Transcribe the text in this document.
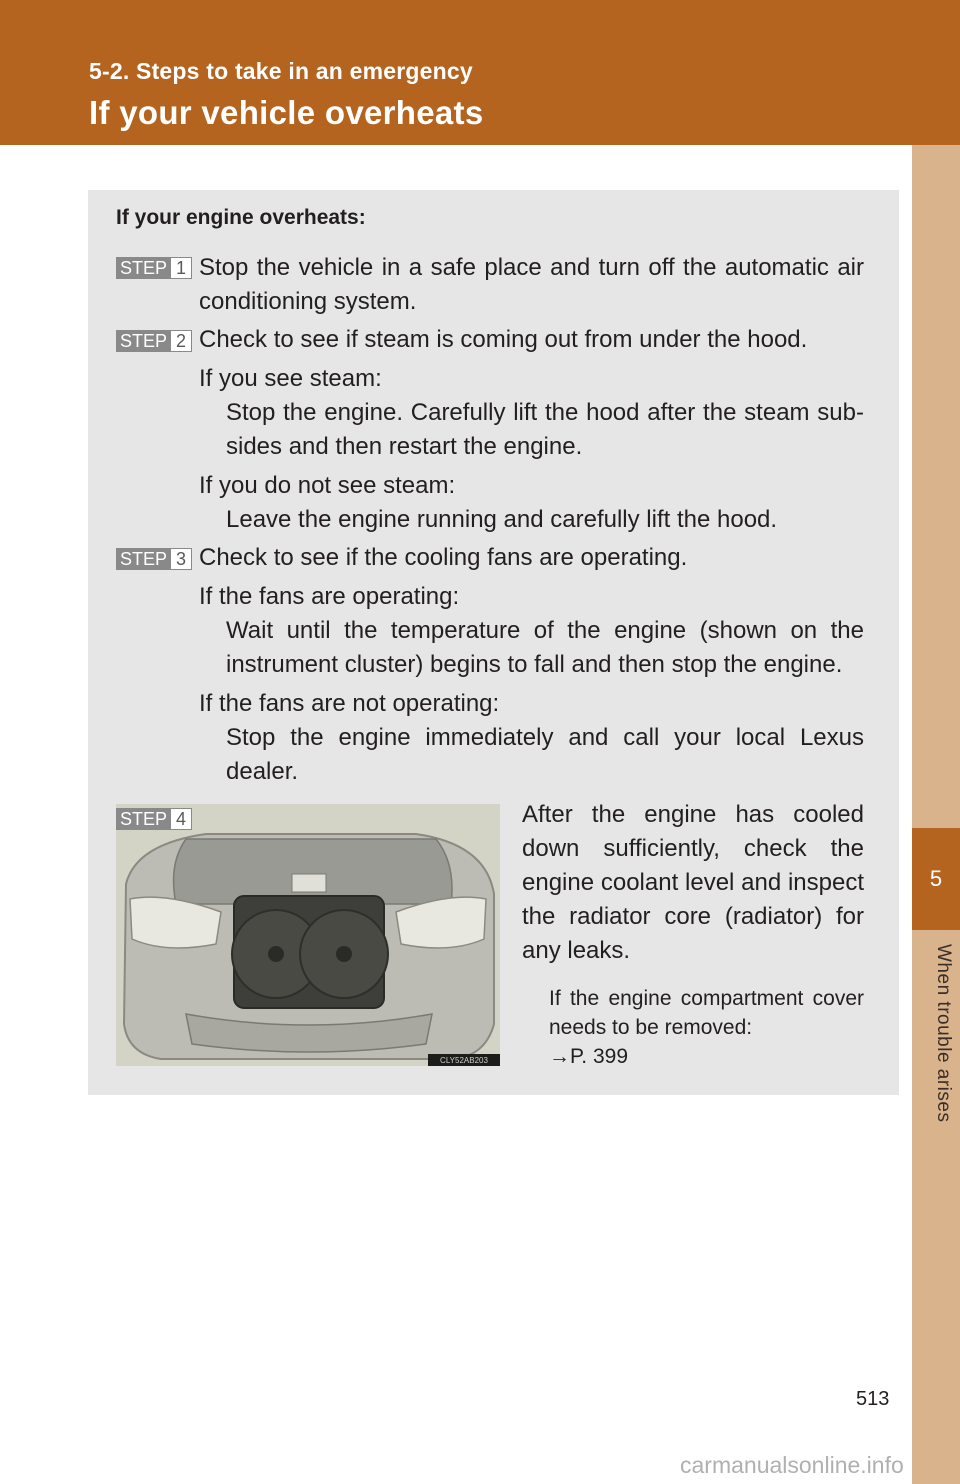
5-2. Steps to take in an emergency
If your vehicle overheats
5
When trouble arises
If your engine overheats:
STEP 1 Stop the vehicle in a safe place and turn off the automatic air conditioning system.
STEP 2 Check to see if steam is coming out from under the hood.
If you see steam:
Stop the engine. Carefully lift the hood after the steam sub-sides and then restart the engine.
If you do not see steam:
Leave the engine running and carefully lift the hood.
STEP 3 Check to see if the cooling fans are operating.
If the fans are operating:
Wait until the temperature of the engine (shown on the instrument cluster) begins to fall and then stop the engine.
If the fans are not operating:
Stop the engine immediately and call your local Lexus dealer.
CLY52AB203
STEP 4	After the engine has cooled down sufficiently, check the engine coolant level and inspect the radiator core (radiator) for any leaks.
If the engine compartment cover needs to be removed:
→P. 399
513
carmanualsonline.info
